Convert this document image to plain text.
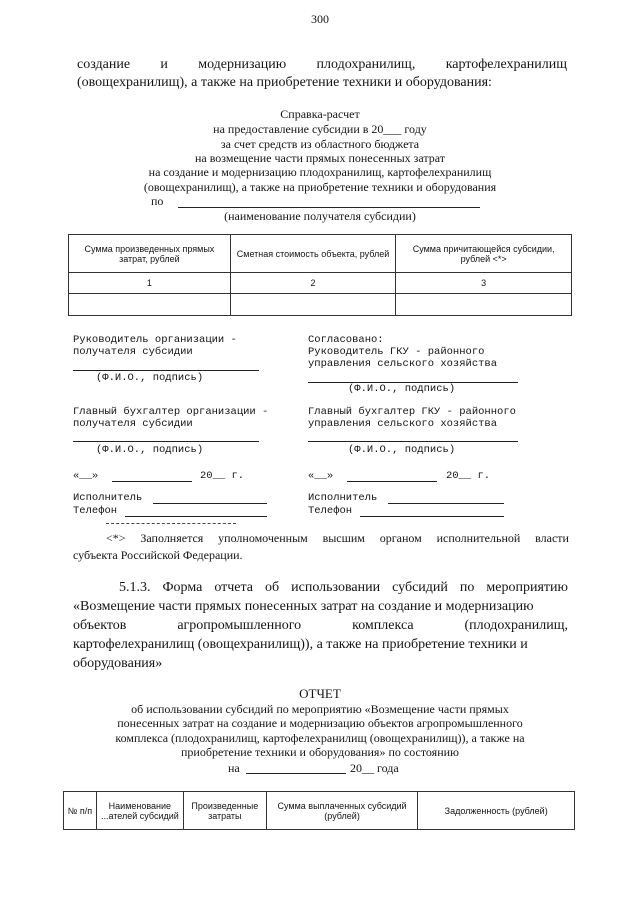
300
создание и модернизацию плодохранилищ, картофелехранилищ
(овощехранилищ), а также на приобретение техники и оборудования:
Справка-расчет
на предоставление субсидии в 20___ году
за счет средств из областного бюджета
на возмещение части прямых понесенных затрат
на создание и модернизацию плодохранилищ, картофелехранилищ
(овощехранилищ), а также на приобретение техники и оборудования
по
(наименование получателя субсидии)
Сумма произведенных прямых затрат, рублей	Сметная стоимость объекта, рублей	Сумма причитающейся субсидии, рублей <*>
1	2	3

Руководитель организации -
получателя субсидии
(Ф.И.О., подпись)
Главный бухгалтер организации -
получателя субсидии
(Ф.И.О., подпись)
«__»	20__ г.
Исполнитель
Телефон
Согласовано:
Руководитель ГКУ - районного
управления сельского хозяйства
(Ф.И.О., подпись)
Главный бухгалтер ГКУ - районного
управления сельского хозяйства
(Ф.И.О., подпись)
«__»	20__ г.
Исполнитель
Телефон
<*> Заполняется уполномоченным высшим органом исполнительной власти
субъекта Российской Федерации.
5.1.3. Форма отчета об использовании субсидий по мероприятию
«Возмещение части прямых понесенных затрат на создание и модернизацию
объектов	агропромышленного	комплекса	(плодохранилищ,
картофелехранилищ (овощехранилищ)), а также на приобретение техники и
оборудования»
ОТЧЕТ
об использовании субсидий по мероприятию «Возмещение части прямых
понесенных затрат на создание и модернизацию объектов агропромышленного
комплекса (плодохранилищ, картофелехранилищ (овощехранилищ)), а также на
приобретение техники и оборудования» по состоянию
на	20__ года
№ п/п	Наименование ...ателей субсидий	Произведенные затраты	Сумма выплаченных субсидий (рублей)	Задолженность (рублей)
